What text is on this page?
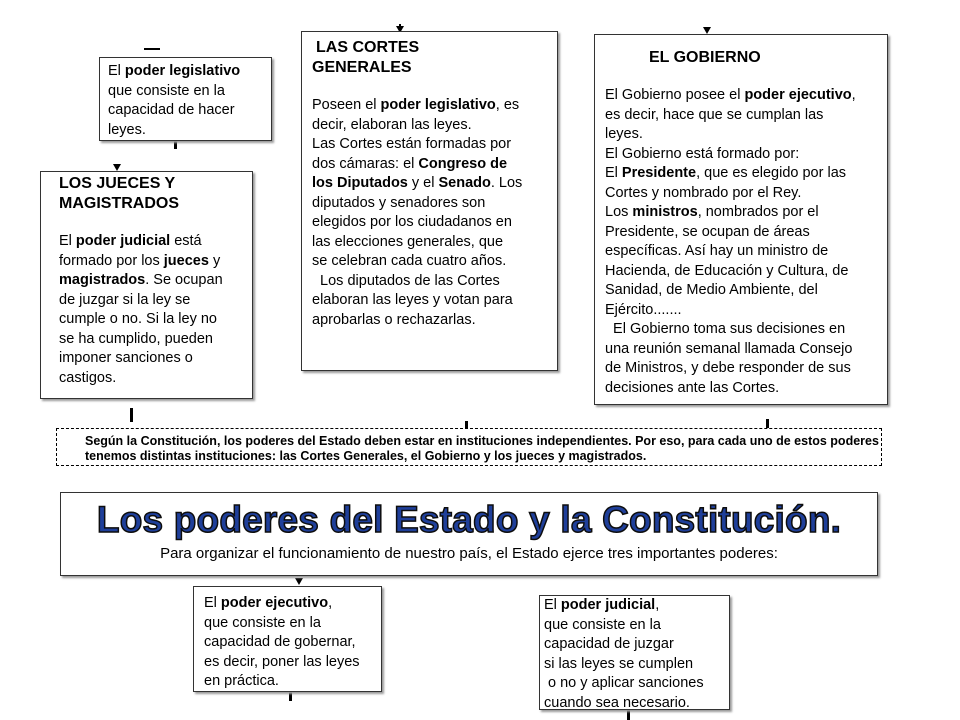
El poder legislativo

que consiste en la

capacidad de hacer

leyes.

LAS CORTES

GENERALES

Poseen el poder legislativo, es

decir, elaboran las leyes.

Las Cortes están formadas por

dos cámaras: el Congreso de

los Diputados y el Senado. Los

diputados y senadores son

elegidos por los ciudadanos en

las elecciones generales, que

se celebran cada cuatro años.

Los diputados de las Cortes

elaboran las leyes y votan para

aprobarlas o rechazarlas.

EL GOBIERNO

El Gobierno posee el poder ejecutivo,

es decir, hace que se cumplan las

leyes.

El Gobierno está formado por:

El Presidente, que es elegido por las

Cortes y nombrado por el Rey.

Los ministros, nombrados por el

Presidente, se ocupan de áreas

específicas. Así hay un ministro de

Hacienda, de Educación y Cultura, de

Sanidad, de Medio Ambiente, del

Ejército.......

El Gobierno toma sus decisiones en

una reunión semanal llamada Consejo

de Ministros, y debe responder de sus

decisiones ante las Cortes.

LOS JUECES Y

MAGISTRADOS

El poder judicial está

formado por los jueces y

magistrados. Se ocupan

de juzgar si la ley se

cumple o no. Si la ley no

se ha cumplido, pueden

imponer sanciones o

castigos.

Según la Constitución, los poderes del Estado deben estar en instituciones independientes. Por eso, para cada uno de estos poderes
tenemos distintas instituciones: las Cortes Generales, el Gobierno y los jueces y magistrados.
Los poderes del Estado y la Constitución.
Para organizar el funcionamiento de nuestro país, el Estado ejerce tres importantes poderes:

El poder ejecutivo,

que consiste en la

capacidad de gobernar,

es decir, poner las leyes

en práctica.

El poder judicial,

que consiste en la

capacidad de juzgar

si las leyes se cumplen

o no y aplicar sanciones

cuando sea necesario.
